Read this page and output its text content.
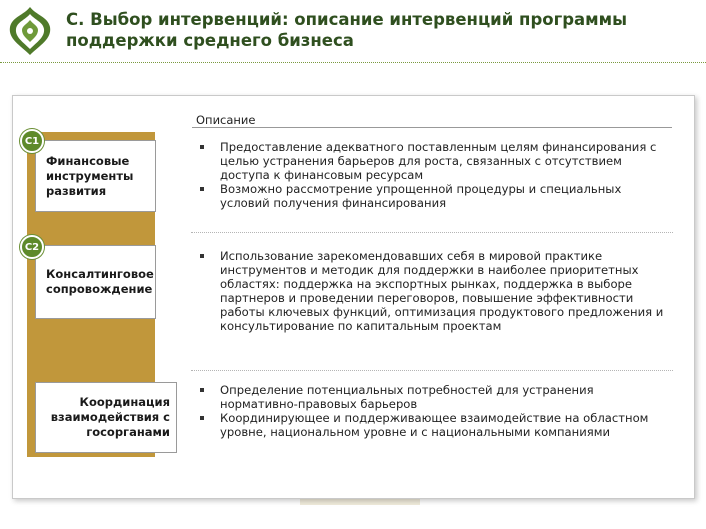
C. Выбор интервенций: описание интервенций программы
поддержки среднего бизнеса
Описание
Финансовые инструменты развития
C1	Предоставление адекватного поставленным целям финансирования с целью устранения барьеров для роста, связанных с отсутствием доступа к финансовым ресурсам
Возможно рассмотрение упрощенной процедуры и специальных условий получения финансирования
Консалтинговое сопровождение
C2
Использование зарекомендовавших себя в мировой практике инструментов и методик для поддержки в наиболее приоритетных областях: поддержка на экспортных рынках, поддержка в выборе партнеров и проведении переговоров, повышение эффективности работы ключевых функций, оптимизация продуктового предложения и консультирование по капитальным проектам
Координация взаимодействия с госорганами
Определение потенциальных потребностей для устранения нормативно-правовых барьеров
Координирующее и поддерживающее взаимодействие на областном уровне, национальном уровне и с национальными компаниями
